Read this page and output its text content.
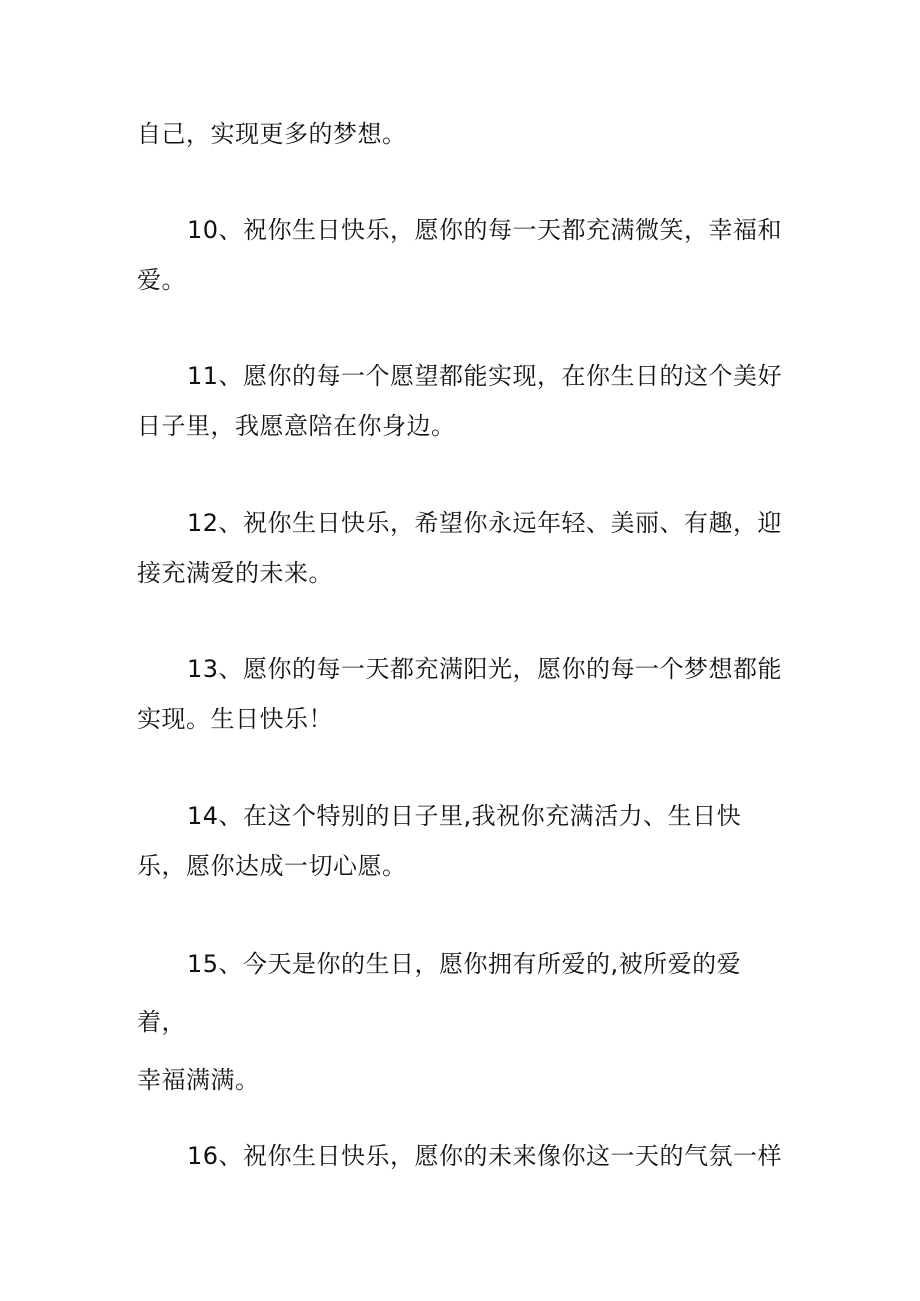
自己，实现更多的梦想。
10、祝你生日快乐，愿你的每一天都充满微笑，幸福和
爱。
11、愿你的每一个愿望都能实现，在你生日的这个美好
日子里，我愿意陪在你身边。
12、祝你生日快乐，希望你永远年轻、美丽、有趣，迎
接充满爱的未来。
13、愿你的每一天都充满阳光，愿你的每一个梦想都能
实现。生日快乐！
14、在这个特别的日子里,我祝你充满活力、生日快
乐，愿你达成一切心愿。
15、今天是你的生日，愿你拥有所爱的,被所爱的爱
着，
幸福满满。
16、祝你生日快乐，愿你的未来像你这一天的气氛一样
